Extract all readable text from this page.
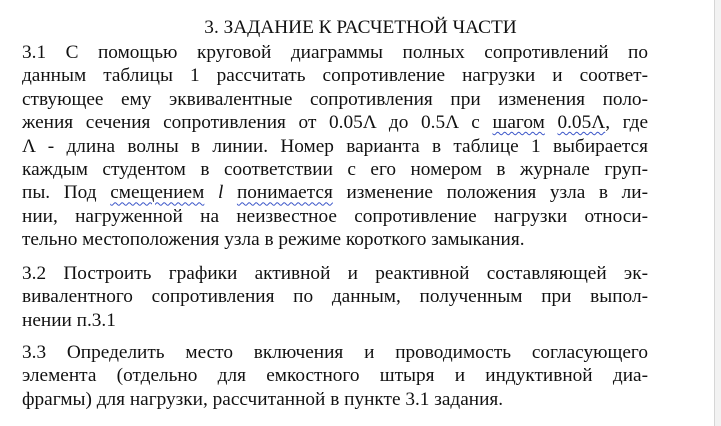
3. ЗАДАНИЕ К РАСЧЕТНОЙ ЧАСТИ
3.1 С помощью круговой диаграммы полных сопротивлений по
данным таблицы 1 рассчитать сопротивление нагрузки и соответ-
ствующее ему эквивалентные сопротивления при изменения поло-
жения сечения сопротивления от 0.05Λ до 0.5Λ с шагом 0.05Λ, где
Λ - длина волны в линии. Номер варианта в таблице 1 выбирается
каждым студентом в соответствии с его номером в журнале груп-
пы. Под смещением l понимается изменение положения узла в ли-
нии, нагруженной на неизвестное сопротивление нагрузки относи-
тельно местоположения узла в режиме короткого замыкания.
3.2 Построить графики активной и реактивной составляющей эк-
вивалентного сопротивления по данным, полученным при выпол-
нении п.3.1
3.3 Определить место включения и проводимость согласующего
элемента (отдельно для емкостного штыря и индуктивной диа-
фрагмы) для нагрузки, рассчитанной в пункте 3.1 задания.
